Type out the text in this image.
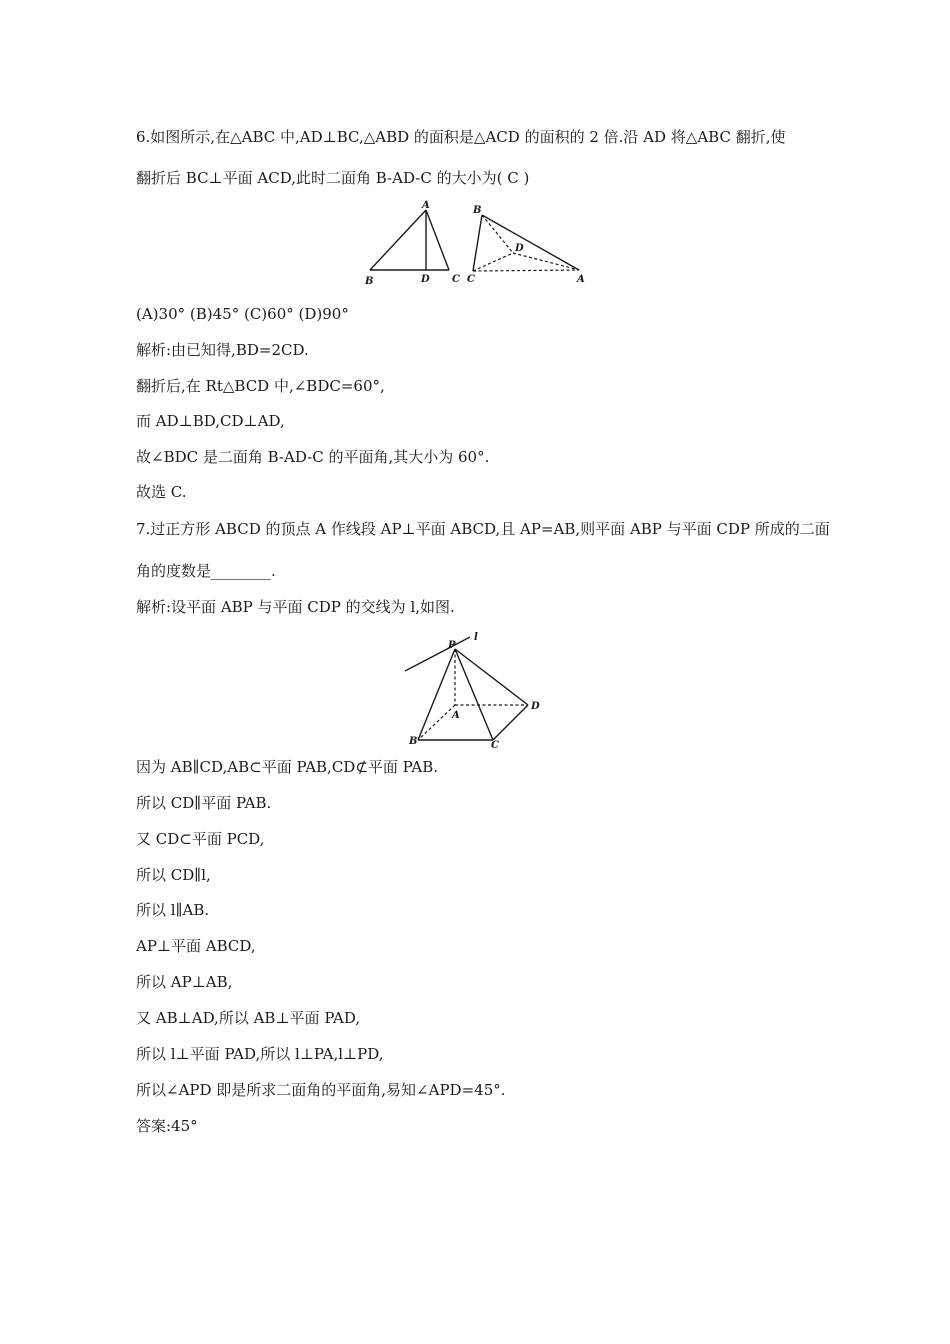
6.如图所示,在△ABC 中,AD⊥BC,△ABD 的面积是△ACD 的面积的 2 倍.沿 AD 将△ABC 翻折,使
翻折后 BC⊥平面 ACD,此时二面角 B-AD-C 的大小为( C )
A
B	D C
B
D
C	A
(A)30° (B)45° (C)60° (D)90°
解析:由已知得,BD=2CD.
翻折后,在 Rt△BCD 中,∠BDC=60°,
而 AD⊥BD,CD⊥AD,
故∠BDC 是二面角 B-AD-C 的平面角,其大小为 60°.
故选 C.
7.过正方形 ABCD 的顶点 A 作线段 AP⊥平面 ABCD,且 AP=AB,则平面 ABP 与平面 CDP 所成的二面
角的度数是________.
解析:设平面 ABP 与平面 CDP 的交线为 l,如图.
P
l
A
D
B	C
因为 AB∥CD,AB⊂平面 PAB,CD⊄平面 PAB.
所以 CD∥平面 PAB.
又 CD⊂平面 PCD,
所以 CD∥l,
所以 l∥AB.
AP⊥平面 ABCD,
所以 AP⊥AB,
又 AB⊥AD,所以 AB⊥平面 PAD,
所以 l⊥平面 PAD,所以 l⊥PA,l⊥PD,
所以∠APD 即是所求二面角的平面角,易知∠APD=45°.
答案:45°
